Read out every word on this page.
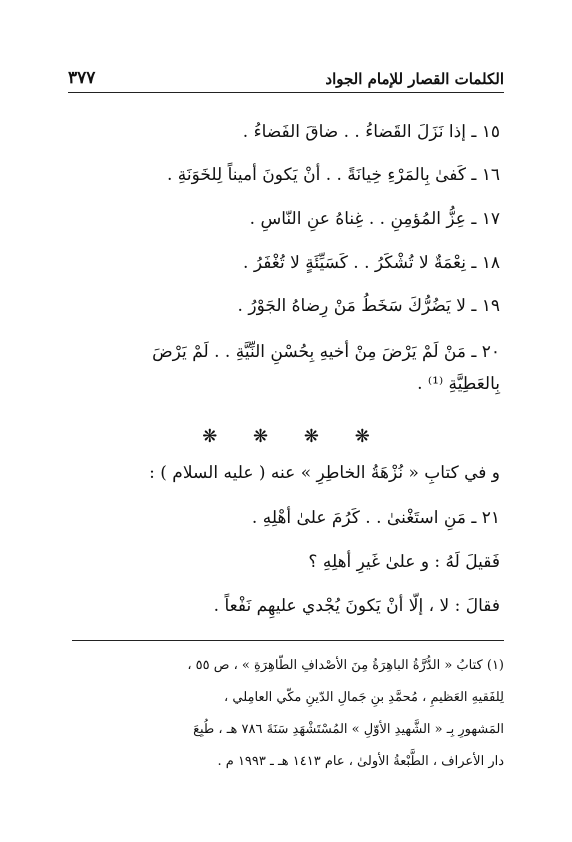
الكلمات القصار للإمام الجواد
٣٧٧
١٥ ـ إذا نَزَلَ القَضاءُ . . ضاقَ الفَضاءُ .
١٦ ـ كَفىٰ بِالمَرْءِ خِيانَةً . . أنْ يَكونَ أميناً لِلخَوَنَةِ .
١٧ ـ عِزُّ المُؤمِنِ . . غِناهُ عنِ النّاسِ .
١٨ ـ نِعْمَةٌ لا تُشْكَرُ . . كَسَيِّئَةٍ لا تُغْفَرُ .
١٩ ـ لا يَضُرُّكَ سَخَطُ مَنْ رِضاهُ الجَوْرُ .
٢٠ ـ مَنْ لَمْ يَرْضَ مِنْ أخيهِ بِحُسْنِ النِّيَّةِ . . لَمْ يَرْضَ
بِالعَطِيَّةِ ⁽¹⁾ .
❋ ❋ ❋ ❋
و في كتابِ « نُزْهَةُ الخاطِرِ » عنه ( عليه السلام ) :
٢١ ـ مَنِ استَغْنىٰ . . كَرُمَ علىٰ أهْلِهِ .
فَقيلَ لَهُ : و علىٰ غَيرِ أهلِهِ ؟
فقالَ : لا ، إلّا أنْ يَكونَ يُجْدي عليهِم نَفْعاً .
(١) كتابُ « الدُّرَّةُ الباهِرَةُ مِنَ الأصْدافِ الطّاهِرَةِ » ، ص ٥٥ ،
لِلفَقيهِ العَظيمِ ، مُحمَّدِ بنِ جَمالِ الدّينِ مكّي العامِلي ،
المَشهورِ بِـ « الشَّهيدِ الأوّلِ » المُسْتَشْهَدِ سَنَةَ ٧٨٦ هـ ، طُبِعَ
دار الأعراف ، الطَّبْعةُ الأولىٰ ، عام ١٤١٣ هـ ـ ١٩٩٣ م .
